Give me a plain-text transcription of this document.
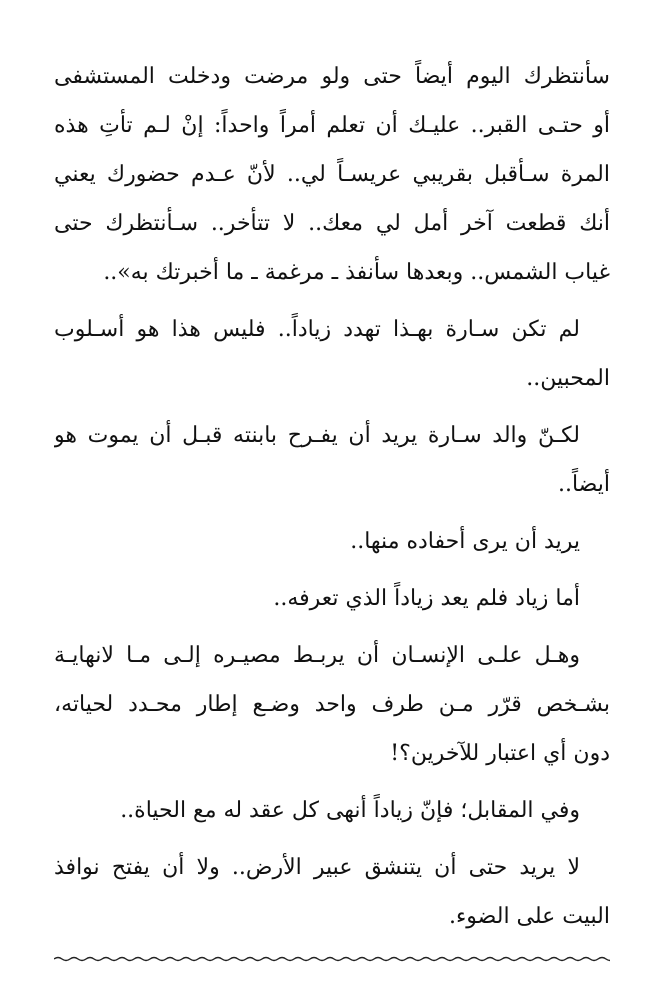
سأنتظرك اليوم أيضاً حتى ولو مرضت ودخلت المستشفى
أو حتـى القبر.. عليـك أن تعلم أمراً واحداً: إنْ لـم تأتِ هذه
المرة سـأقبل بقريبي عريسـاً لي.. لأنّ عـدم حضورك يعني
أنك قطعت آخر أمل لي معك.. لا تتأخر.. سـأنتظرك حتى
غياب الشمس.. وبعدها سأنفذ ـ مرغمة ـ ما أخبرتك به»..

لم تكن سـارة بهـذا تهدد زياداً.. فليس هذا هو أسـلوب
المحبين..

لكـنّ والد سـارة يريد أن يفـرح بابنته قبـل أن يموت هو
أيضاً..

يريد أن يرى أحفاده منها..

أما زياد فلم يعد زياداً الذي تعرفه..

وهـل علـى الإنسـان أن يربـط مصيـره إلـى مـا لانهايـة
بشـخص قرّر مـن طرف واحد وضـع إطار محـدد لحياته،
دون أي اعتبار للآخرين؟!

وفي المقابل؛ فإنّ زياداً أنهى كل عقد له مع الحياة..

لا يريد حتى أن يتنشق عبير الأرض.. ولا أن يفتح نوافذ
البيت على الضوء.
